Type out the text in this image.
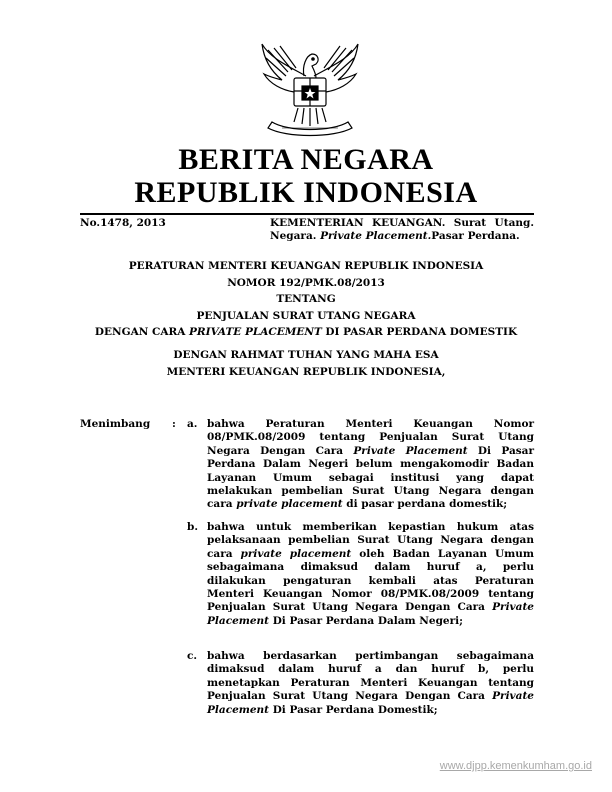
BERITA NEGARA
REPUBLIK INDONESIA
No.1478, 2013	KEMENTERIAN KEUANGAN. Surat Utang.
Negara. Private Placement.Pasar Perdana.
PERATURAN MENTERI KEUANGAN REPUBLIK INDONESIA
NOMOR 192/PMK.08/2013
TENTANG
PENJUALAN SURAT UTANG NEGARA
DENGAN CARA PRIVATE PLACEMENT DI PASAR PERDANA DOMESTIK
DENGAN RAHMAT TUHAN YANG MAHA ESA
MENTERI KEUANGAN REPUBLIK INDONESIA,
Menimbang : a. bahwa Peraturan Menteri Keuangan Nomor
08/PMK.08/2009 tentang Penjualan Surat Utang
Negara Dengan Cara Private Placement Di Pasar
Perdana Dalam Negeri belum mengakomodir Badan
Layanan Umum sebagai institusi yang dapat
melakukan pembelian Surat Utang Negara dengan
cara private placement di pasar perdana domestik;
b. bahwa untuk memberikan kepastian hukum atas
pelaksanaan pembelian Surat Utang Negara dengan
cara private placement oleh Badan Layanan Umum
sebagaimana dimaksud dalam huruf a, perlu
dilakukan pengaturan kembali atas Peraturan
Menteri Keuangan Nomor 08/PMK.08/2009 tentang
Penjualan Surat Utang Negara Dengan Cara Private
Placement Di Pasar Perdana Dalam Negeri;
c. bahwa berdasarkan pertimbangan sebagaimana
dimaksud dalam huruf a dan huruf b, perlu
menetapkan Peraturan Menteri Keuangan tentang
Penjualan Surat Utang Negara Dengan Cara Private
Placement Di Pasar Perdana Domestik;
www.djpp.kemenkumham.go.id
